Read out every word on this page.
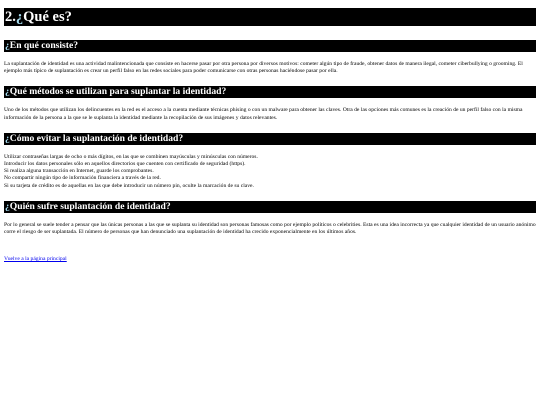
2.¿Qué es?
¿En qué consiste?

La suplantación de identidad es una actividad malintencionada que consiste en hacerse pasar por otra persona por diversos motivos: cometer algún tipo de fraude, obtener datos de manera ilegal, cometer ciberbullying o grooming. El ejemplo más típico de suplantación es crear un perfil falso en las redes sociales para poder comunicarse con otras personas haciéndose pasar por ella.

¿Qué métodos se utilizan para suplantar la identidad?

Uno de los métodos que utilizan los delincuentes en la red es el acceso a la cuenta mediante técnicas phising o con un malware para obtener las claves. Otra de las opciones más comunes es la creación de un perfil falso con la misma información de la persona a la que se le suplanta la identidad mediante la recopilación de sus imágenes y datos relevantes.

¿Cómo evitar la suplantación de identidad?
Utilizar contraseñas largas de ocho o más dígitos, en las que se combinen mayúsculas y minúsculas con números.
Introducir los datos personales sólo en aquellos directorios que cuenten con certificado de seguridad (https).
Si realiza alguna transacción en Internet, guarde los comprobantes.
No compartir ningún tipo de información financiera a través de la red.
Si su tarjeta de crédito es de aquellas en las que debe introducir un número pin, oculte la marcación de su clave.
¿Quién sufre suplantación de identidad?

Por lo general se suele tender a pensar que las únicas personas a las que se suplanta su identidad son personas famosas como por ejemplo políticos o celebrities. Esta es una idea incorrecta ya que cualquier identidad de un usuario anónimo corre el riesgo de ser suplantada. El número de personas que han denunciado una suplantación de identidad ha crecido exponencialmente en los últimos años.

Vuelve a la página principal
